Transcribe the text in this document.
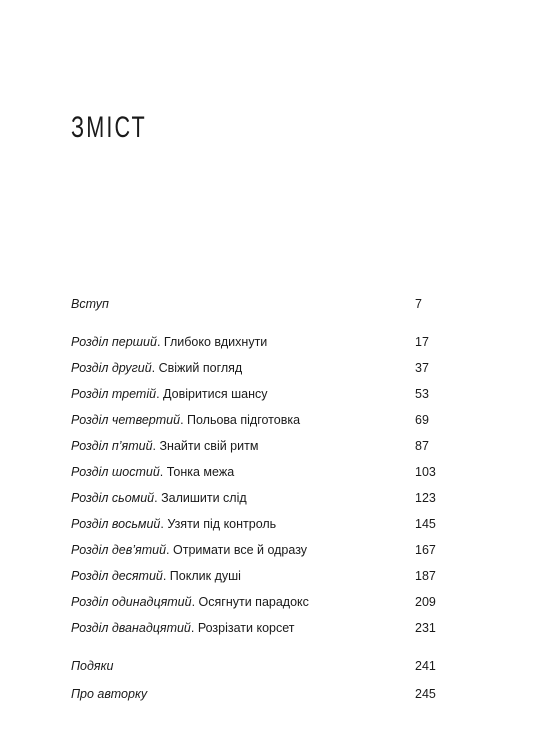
ЗМІСТ
Вступ	7
Розділ перший. Глибоко вдихнути	17
Розділ другий. Свіжий погляд	37
Розділ третій. Довіритися шансу	53
Розділ четвертий. Польова підготовка	69
Розділ п’ятий. Знайти свій ритм	87
Розділ шостий. Тонка межа	103
Розділ сьомий. Залишити слід	123
Розділ восьмий. Узяти під контроль	145
Розділ дев’ятий. Отримати все й одразу	167
Розділ десятий. Поклик душі	187
Розділ одинадцятий. Осягнути парадокс	209
Розділ дванадцятий. Розрізати корсет	231
Подяки	241
Про авторку	245
